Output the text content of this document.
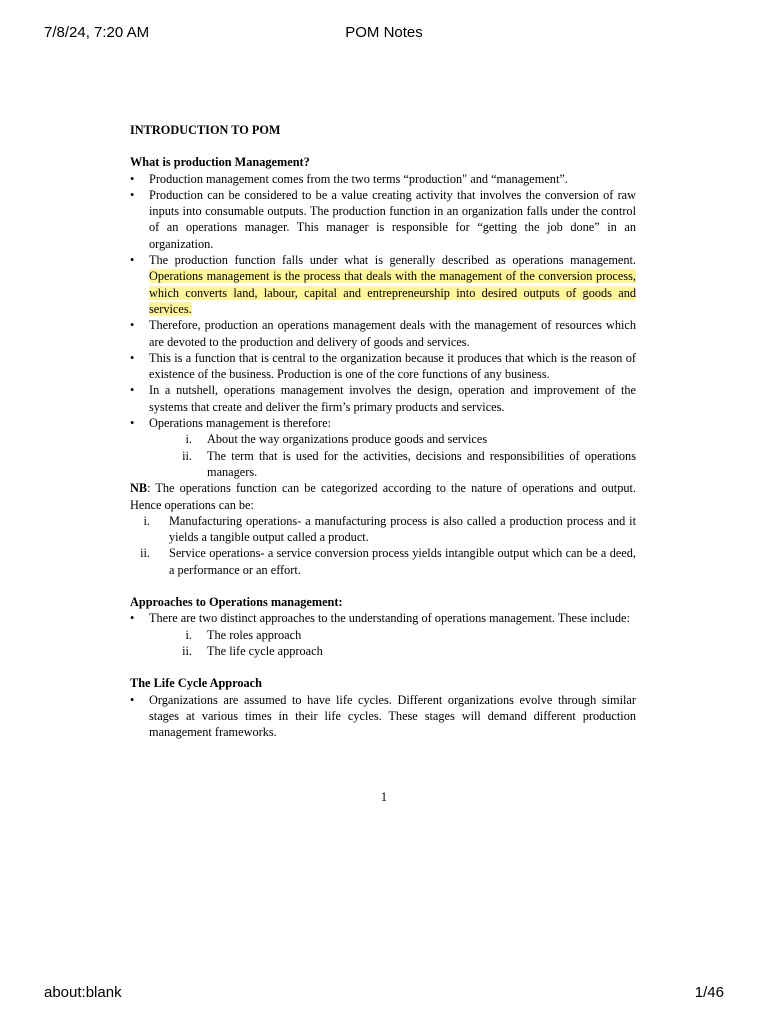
7/8/24, 7:20 AM	POM Notes
INTRODUCTION TO POM
What is production Management?
• Production management comes from the two terms “production" and “management”.
• Production can be considered to be a value creating activity that involves the conversion of raw inputs into consumable outputs. The production function in an organization falls under the control of an operations manager. This manager is responsible for “getting the job done” in an organization.
• The production function falls under what is generally described as operations management. Operations management is the process that deals with the management of the conversion process, which converts land, labour, capital and entrepreneurship into desired outputs of goods and services.
• Therefore, production an operations management deals with the management of resources which are devoted to the production and delivery of goods and services.
• This is a function that is central to the organization because it produces that which is the reason of existence of the business. Production is one of the core functions of any business.
• In a nutshell, operations management involves the design, operation and improvement of the systems that create and deliver the firm’s primary products and services.
• Operations management is therefore:
i. About the way organizations produce goods and services
ii. The term that is used for the activities, decisions and responsibilities of operations managers.
NB: The operations function can be categorized according to the nature of operations and output. Hence operations can be:
i. Manufacturing operations- a manufacturing process is also called a production process and it yields a tangible output called a product.
ii. Service operations- a service conversion process yields intangible output which can be a deed, a performance or an effort.
Approaches to Operations management:
• There are two distinct approaches to the understanding of operations management. These include:
i. The roles approach
ii. The life cycle approach
The Life Cycle Approach
• Organizations are assumed to have life cycles. Different organizations evolve through similar stages at various times in their life cycles. These stages will demand different production management frameworks.
1
about:blank	1/46
